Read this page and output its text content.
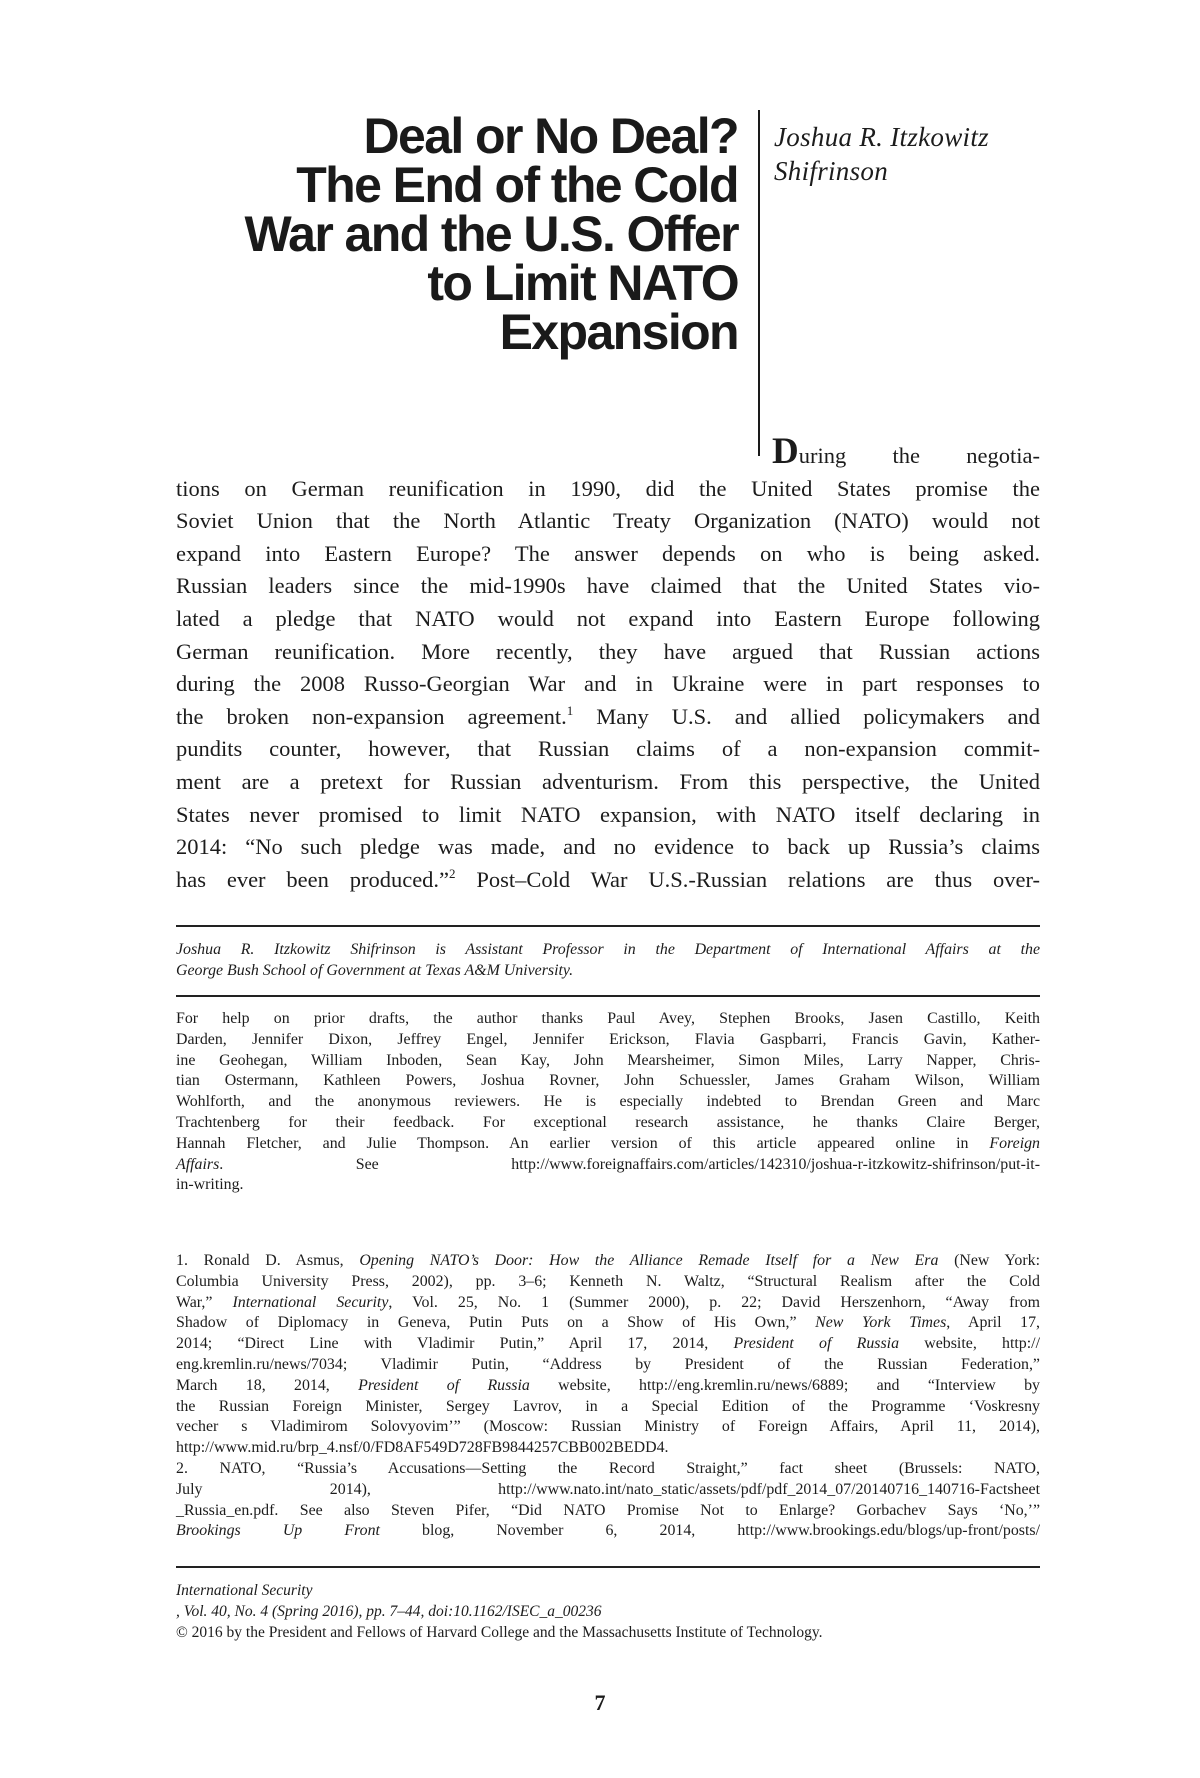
Deal or No Deal?
The End of the Cold
War and the U.S. Offer
to Limit NATO
Expansion
Joshua R. Itzkowitz
Shifrinson
During the negotia-
tions on German reunification in 1990, did the United States promise the
Soviet Union that the North Atlantic Treaty Organization (NATO) would not
expand into Eastern Europe? The answer depends on who is being asked.
Russian leaders since the mid-1990s have claimed that the United States vio-
lated a pledge that NATO would not expand into Eastern Europe following
German reunification. More recently, they have argued that Russian actions
during the 2008 Russo-Georgian War and in Ukraine were in part responses to
the broken non-expansion agreement.$^1$ Many U.S. and allied policymakers and
pundits counter, however, that Russian claims of a non-expansion commit-
ment are a pretext for Russian adventurism. From this perspective, the United
States never promised to limit NATO expansion, with NATO itself declaring in
2014: “No such pledge was made, and no evidence to back up Russia’s claims
has ever been produced.”$^2$ Post–Cold War U.S.-Russian relations are thus over-
Joshua R. Itzkowitz Shifrinson is Assistant Professor in the Department of International Affairs at the
George Bush School of Government at Texas A&M University.
For help on prior drafts, the author thanks Paul Avey, Stephen Brooks, Jasen Castillo, Keith
Darden, Jennifer Dixon, Jeffrey Engel, Jennifer Erickson, Flavia Gaspbarri, Francis Gavin, Kather-
ine Geohegan, William Inboden, Sean Kay, John Mearsheimer, Simon Miles, Larry Napper, Chris-
tian Ostermann, Kathleen Powers, Joshua Rovner, John Schuessler, James Graham Wilson, William
Wohlforth, and the anonymous reviewers. He is especially indebted to Brendan Green and Marc
Trachtenberg for their feedback. For exceptional research assistance, he thanks Claire Berger,
Hannah Fletcher, and Julie Thompson. An earlier version of this article appeared online in Foreign
Affairs. See http://www.foreignaffairs.com/articles/142310/joshua-r-itzkowitz-shifrinson/put-it-
in-writing.
1. Ronald D. Asmus, Opening NATO’s Door: How the Alliance Remade Itself for a New Era (New York:
Columbia University Press, 2002), pp. 3–6; Kenneth N. Waltz, “Structural Realism after the Cold
War,” International Security, Vol. 25, No. 1 (Summer 2000), p. 22; David Herszenhorn, “Away from
Shadow of Diplomacy in Geneva, Putin Puts on a Show of His Own,” New York Times, April 17,
2014; “Direct Line with Vladimir Putin,” April 17, 2014, President of Russia website, http://
eng.kremlin.ru/news/7034; Vladimir Putin, “Address by President of the Russian Federation,”
March 18, 2014, President of Russia website, http://eng.kremlin.ru/news/6889; and “Interview by
the Russian Foreign Minister, Sergey Lavrov, in a Special Edition of the Programme ‘Voskresny
vecher s Vladimirom Solovyovim’” (Moscow: Russian Ministry of Foreign Affairs, April 11, 2014),
http://www.mid.ru/brp_4.nsf/0/FD8AF549D728FB9844257CBB002BEDD4.
2. NATO, “Russia’s Accusations—Setting the Record Straight,” fact sheet (Brussels: NATO,
July 2014), http://www.nato.int/nato_static/assets/pdf/pdf_2014_07/20140716_140716-Factsheet
_Russia_en.pdf. See also Steven Pifer, “Did NATO Promise Not to Enlarge? Gorbachev Says ‘No,’”
Brookings Up Front blog, November 6, 2014, http://www.brookings.edu/blogs/up-front/posts/
International Security
, Vol. 40, No. 4 (Spring 2016), pp. 7–44, doi:10.1162/ISEC_a_00236
© 2016 by the President and Fellows of Harvard College and the Massachusetts Institute of Technology.
7
